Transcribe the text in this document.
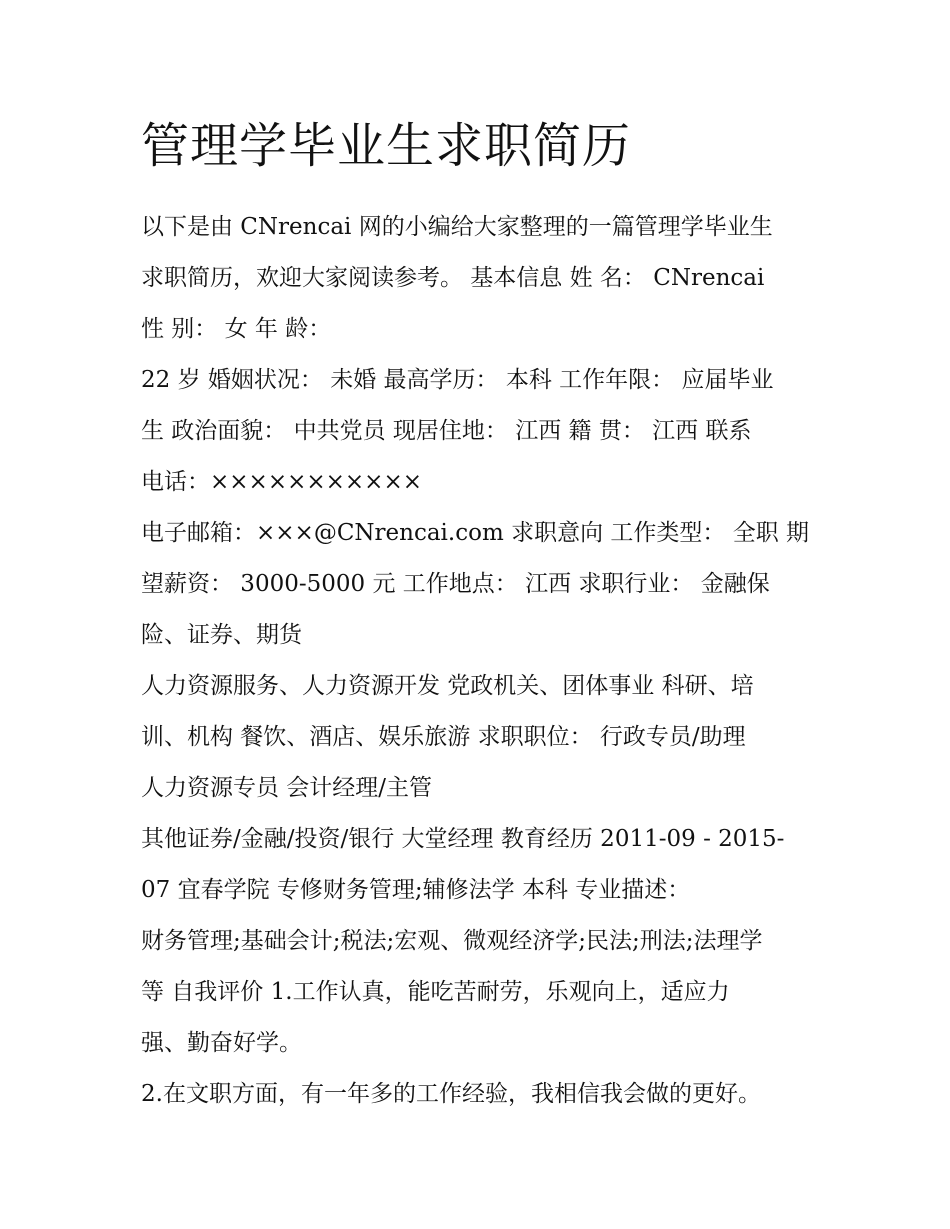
管理学毕业生求职简历
以下是由 CNrencai 网的小编给大家整理的一篇管理学毕业生
求职简历，欢迎大家阅读参考。 基本信息 姓 名： CNrencai
性 别： 女 年 龄：
22 岁 婚姻状况： 未婚 最高学历： 本科 工作年限： 应届毕业
生 政治面貌： 中共党员 现居住地： 江西 籍 贯： 江西 联系
电话：×××××××××××
电子邮箱：×××@CNrencai.com 求职意向 工作类型： 全职 期
望薪资： 3000-5000 元 工作地点： 江西 求职行业： 金融保
险、证券、期货
人力资源服务、人力资源开发 党政机关、团体事业 科研、培
训、机构 餐饮、酒店、娱乐旅游 求职职位： 行政专员/助理
人力资源专员 会计经理/主管
其他证券/金融/投资/银行 大堂经理 教育经历 2011-09 - 2015-
07 宜春学院 专修财务管理;辅修法学 本科 专业描述：
财务管理;基础会计;税法;宏观、微观经济学;民法;刑法;法理学
等 自我评价 1.工作认真，能吃苦耐劳，乐观向上，适应力
强、勤奋好学。
2.在文职方面，有一年多的工作经验，我相信我会做的更好。
